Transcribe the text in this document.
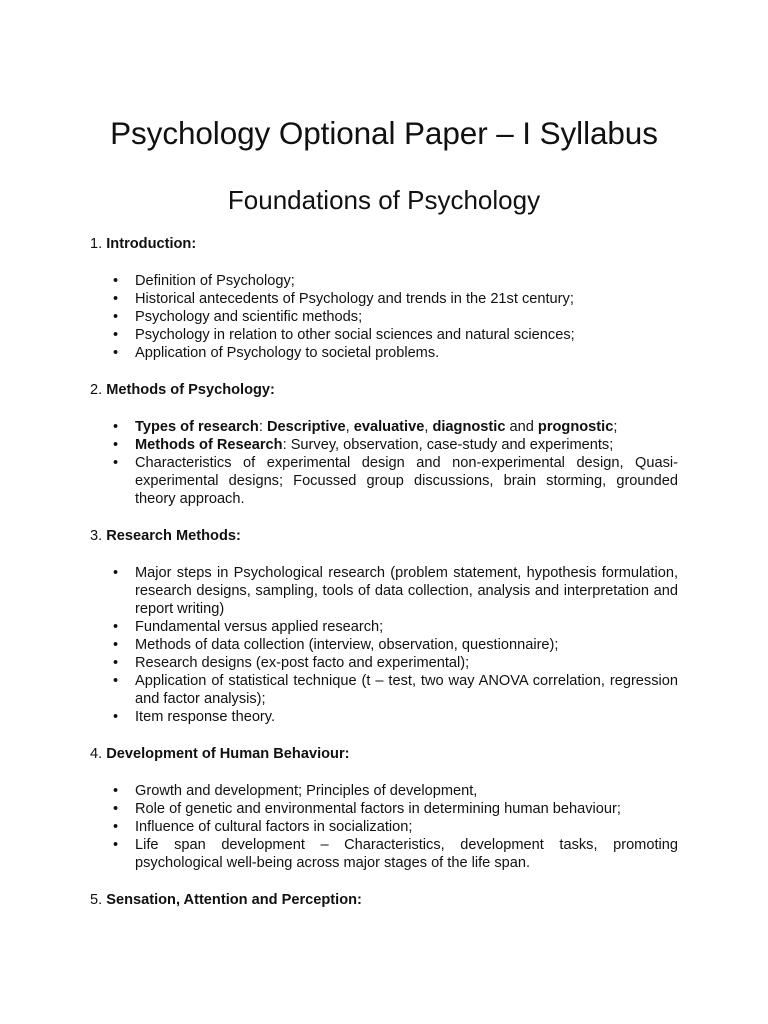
Psychology Optional Paper – I Syllabus
Foundations of Psychology

1. Introduction:

• Definition of Psychology;
• Historical antecedents of Psychology and trends in the 21st century;
• Psychology and scientific methods;
• Psychology in relation to other social sciences and natural sciences;
• Application of Psychology to societal problems.

2. Methods of Psychology:

• Types of research: Descriptive, evaluative, diagnostic and prognostic;
• Methods of Research: Survey, observation, case-study and experiments;
• Characteristics of experimental design and non-experimental design, Quasi-experimental designs; Focussed group discussions, brain storming, grounded theory approach.

3. Research Methods:

• Major steps in Psychological research (problem statement, hypothesis formulation, research designs, sampling, tools of data collection, analysis and interpretation and report writing)
• Fundamental versus applied research;
• Methods of data collection (interview, observation, questionnaire);
• Research designs (ex-post facto and experimental);
• Application of statistical technique (t – test, two way ANOVA correlation, regression and factor analysis);
• Item response theory.

4. Development of Human Behaviour:

• Growth and development; Principles of development,
• Role of genetic and environmental factors in determining human behaviour;
• Influence of cultural factors in socialization;
• Life span development – Characteristics, development tasks, promoting psychological well-being across major stages of the life span.

5. Sensation, Attention and Perception:
